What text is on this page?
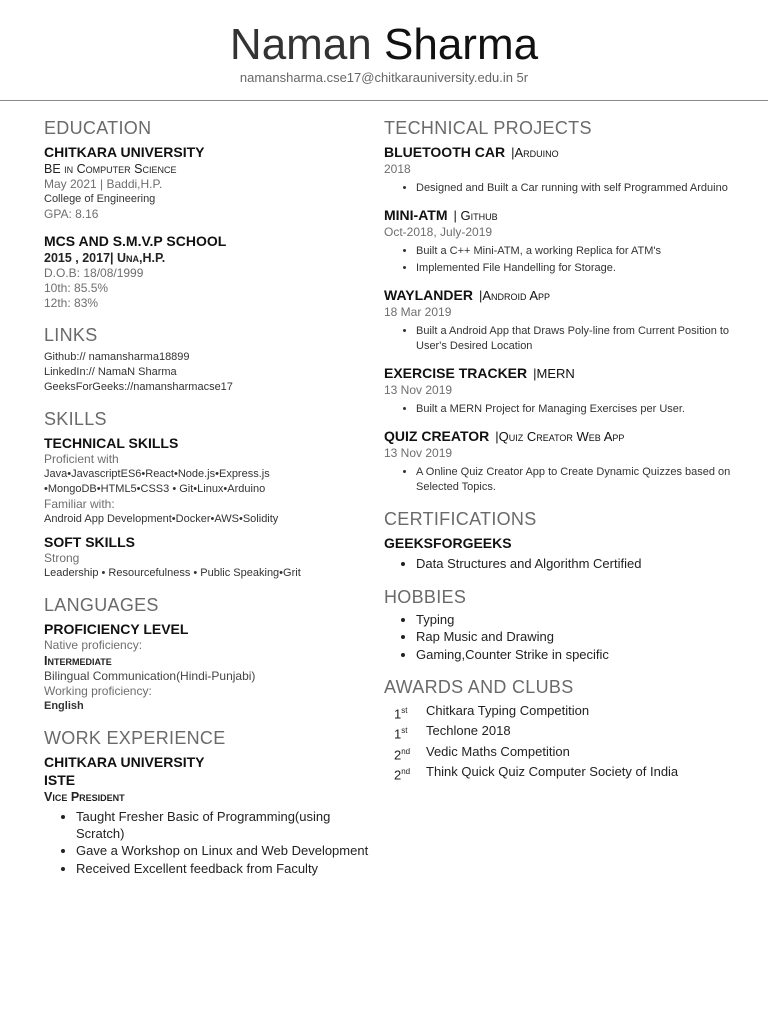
Naman Sharma
namansharma.cse17@chitkarauniversity.edu.in 5r
EDUCATION
CHITKARA UNIVERSITY
BE in Computer Science
May 2021 | Baddi,H.P.
College of Engineering
GPA: 8.16
MCS AND S.M.V.P SCHOOL
2015 , 2017| Una,H.P.
D.O.B: 18/08/1999
10th: 85.5%
12th: 83%
LINKS
Github:// namansharma18899
LinkedIn:// NamaN Sharma
GeeksForGeeks://namansharmacse17
SKILLS
TECHNICAL SKILLS
Proficient with
Java•JavascriptES6•React•Node.js•Express.js
•MongoDB•HTML5•CSS3 • Git•Linux•Arduino
Familiar with:
Android App Development•Docker•AWS•Solidity
SOFT SKILLS
Strong
Leadership • Resourcefulness • Public Speaking•Grit
LANGUAGES
PROFICIENCY LEVEL
Native proficiency:
Intermediate
Bilingual Communication(Hindi-Punjabi)
Working proficiency:
English
WORK EXPERIENCE
CHITKARA UNIVERSITY
ISTE
Vice President
• Taught Fresher Basic of Programming(using Scratch)
• Gave a Workshop on Linux and Web Development
• Received Excellent feedback from Faculty
TECHNICAL PROJECTS
BLUETOOTH CAR |Arduino
2018
• Designed and Built a Car running with self Programmed Arduino
MINI-ATM | Github
Oct-2018, July-2019
• Built a C++ Mini-ATM, a working Replica for ATM's
• Implemented File Handelling for Storage.
WAYLANDER |Android App
18 Mar 2019
• Built a Android App that Draws Poly-line from Current Position to User's Desired Location
EXERCISE TRACKER |MERN
13 Nov 2019
• Built a MERN Project for Managing Exercises per User.
QUIZ CREATOR |Quiz Creator Web App
13 Nov 2019
• A Online Quiz Creator App to Create Dynamic Quizzes based on Selected Topics.
CERTIFICATIONS
GEEKSFORGEEKS
• Data Structures and Algorithm Certified
HOBBIES
• Typing
• Rap Music and Drawing
• Gaming,Counter Strike in specific
AWARDS AND CLUBS
1st	Chitkara Typing Competition
1st	Techlone 2018
2nd	Vedic Maths Competition
2nd	Think Quick Quiz Computer Society of India
